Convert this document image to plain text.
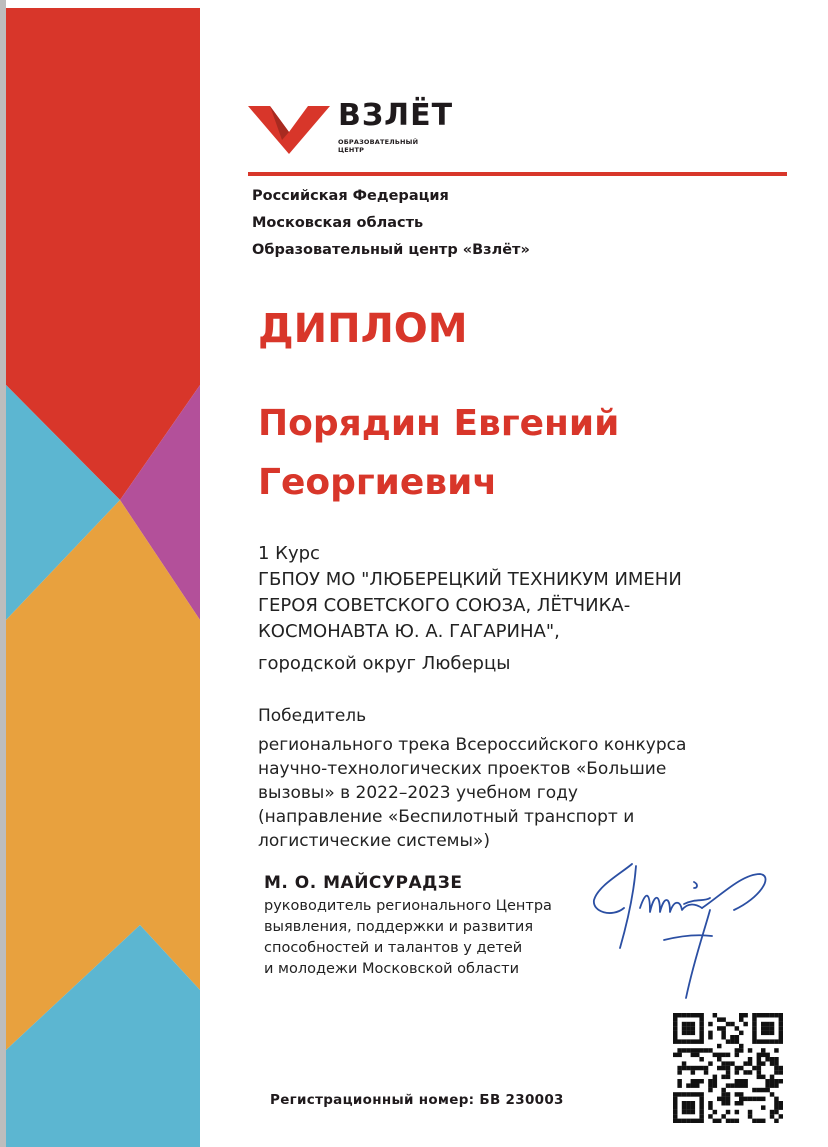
ВЗЛЁТ
ОБРАЗОВАТЕЛЬНЫЙ
ЦЕНТР
Российская Федерация
Московская область
Образовательный центр «Взлёт»
ДИПЛОМ
Порядин Евгений
Георгиевич
1 Курс
ГБПОУ МО "ЛЮБЕРЕЦКИЙ ТЕХНИКУМ ИМЕНИ
ГЕРОЯ СОВЕТСКОГО СОЮЗА, ЛЁТЧИКА-
КОСМОНАВТА Ю. А. ГАГАРИНА",
городской округ Люберцы
Победитель
регионального трека Всероссийского конкурса
научно-технологических проектов «Большие
вызовы» в 2022–2023 учебном году
(направление «Беспилотный транспорт и
логистические системы»)
М. О. МАЙСУРАДЗЕ
руководитель регионального Центра
выявления, поддержки и развития
способностей и талантов у детей
и молодежи Московской области
Регистрационный номер: БВ 230003
